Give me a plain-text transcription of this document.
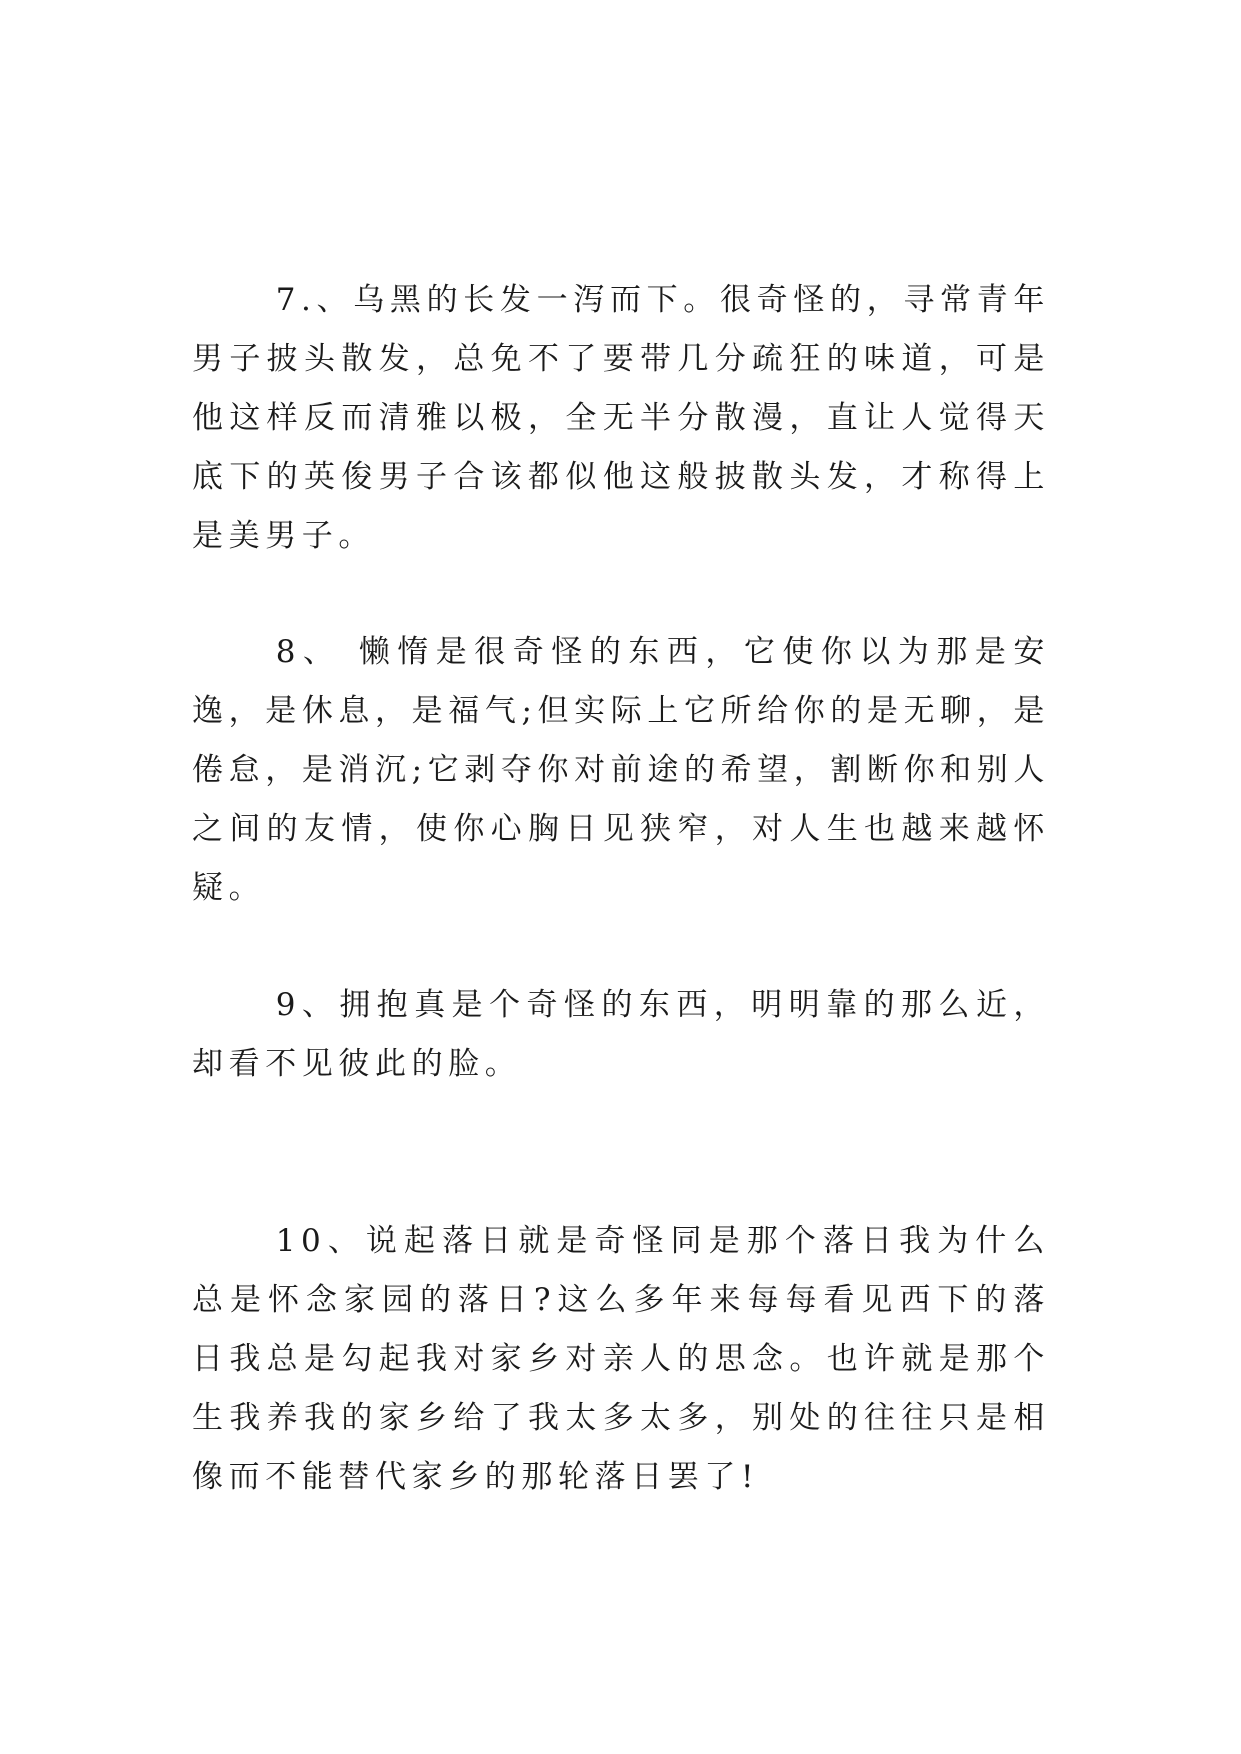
7.、乌黑的长发一泻而下。很奇怪的，寻常青年男子披头散发，总免不了要带几分疏狂的味道，可是他这样反而清雅以极，全无半分散漫，直让人觉得天底下的英俊男子合该都似他这般披散头发，才称得上是美男子。

8、 懒惰是很奇怪的东西，它使你以为那是安逸，是休息，是福气;但实际上它所给你的是无聊，是倦怠，是消沉;它剥夺你对前途的希望，割断你和别人之间的友情，使你心胸日见狭窄，对人生也越来越怀疑。

9、拥抱真是个奇怪的东西，明明靠的那么近，却看不见彼此的脸。

10、说起落日就是奇怪同是那个落日我为什么总是怀念家园的落日?这么多年来每每看见西下的落日我总是勾起我对家乡对亲人的思念。也许就是那个生我养我的家乡给了我太多太多，别处的往往只是相像而不能替代家乡的那轮落日罢了!
